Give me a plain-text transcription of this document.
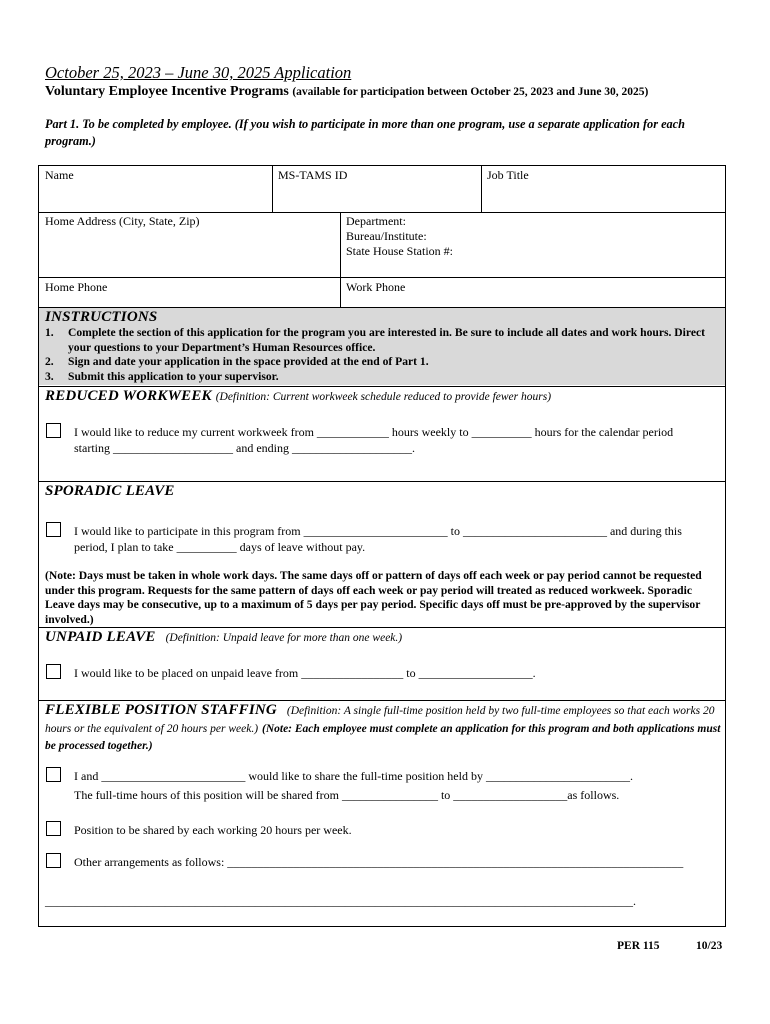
October 25, 2023 – June 30, 2025 Application
Voluntary Employee Incentive Programs (available for participation between October 25, 2023 and June 30, 2025)
Part 1. To be completed by employee. (If you wish to participate in more than one program, use a separate application for each program.)
Name	MS-TAMS ID	Job Title
Home Address (City, State, Zip)	Department:
Bureau/Institute:
State House Station #:
Home Phone	Work Phone
INSTRUCTIONS
1.	Complete the section of this application for the program you are interested in. Be sure to include all dates and work hours. Direct your questions to your Department’s Human Resources office.
2.	Sign and date your application in the space provided at the end of Part 1.
3.	Submit this application to your supervisor.
REDUCED WORKWEEK (Definition: Current workweek schedule reduced to provide fewer hours)
I would like to reduce my current workweek from ____________ hours weekly to __________ hours for the calendar period
starting ____________________ and ending ____________________.
SPORADIC LEAVE
I would like to participate in this program from ________________________ to ________________________ and during this
period, I plan to take __________ days of leave without pay.
(Note: Days must be taken in whole work days. The same days off or pattern of days off each week or pay period cannot be requested under this program. Requests for the same pattern of days off each week or pay period will treated as reduced workweek. Sporadic Leave days may be consecutive, up to a maximum of 5 days per pay period. Specific days off must be pre-approved by the supervisor involved.)
UNPAID LEAVE (Definition: Unpaid leave for more than one week.)
I would like to be placed on unpaid leave from _________________ to ___________________.
FLEXIBLE POSITION STAFFING (Definition: A single full-time position held by two full-time employees so that each works 20 hours or the equivalent of 20 hours per week.) (Note: Each employee must complete an application for this program and both applications must be processed together.)
I and ________________________ would like to share the full-time position held by ________________________.
The full-time hours of this position will be shared from ________________ to ___________________as follows.
Position to be shared by each working 20 hours per week.
Other arrangements as follows: ____________________________________________________________________________
__________________________________________________________________________________________________.
PER 115	10/23
